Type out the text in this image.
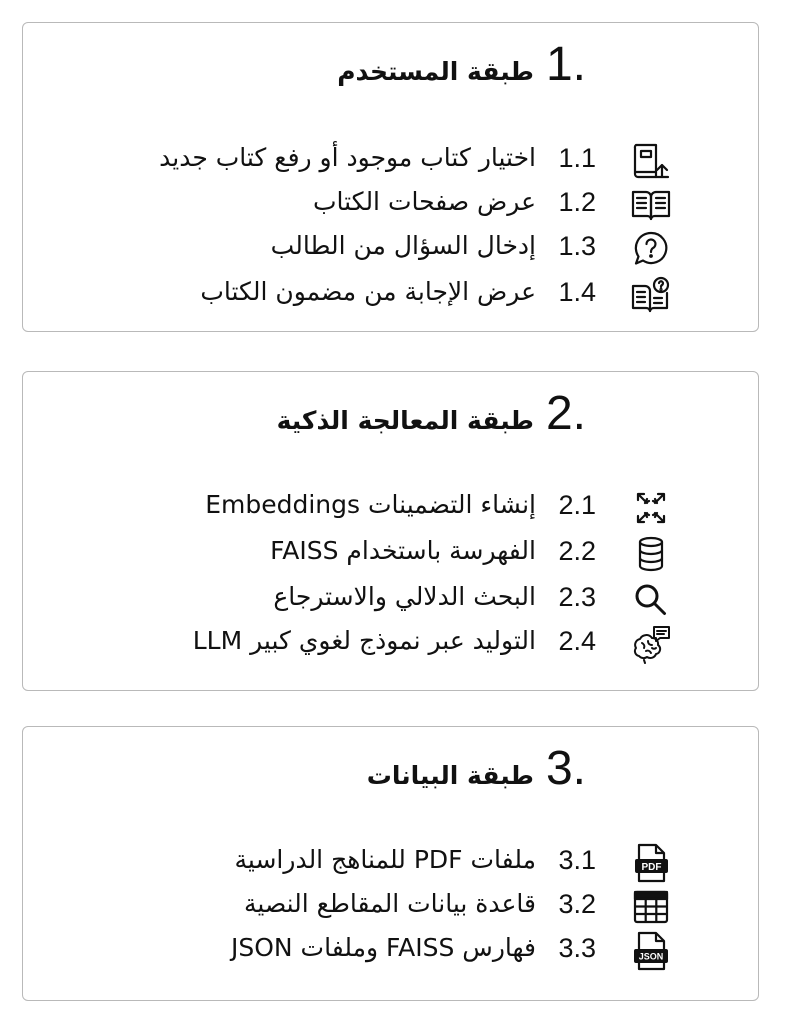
1.
طبقة المستخدم
1.1
اختيار كتاب موجود أو رفع كتاب جديد
1.2
عرض صفحات الكتاب
1.3
إدخال السؤال من الطالب
1.4
عرض الإجابة من مضمون الكتاب
2.
طبقة المعالجة الذكية
2.1
إنشاء التضمينات Embeddings
2.2
الفهرسة باستخدام FAISS
2.3
البحث الدلالي والاسترجاع
2.4
التوليد عبر نموذج لغوي كبير LLM
3.
طبقة البيانات
PDF
3.1
ملفات PDF للمناهج الدراسية
3.2
قاعدة بيانات المقاطع النصية
JSON
3.3
فهارس FAISS وملفات JSON
